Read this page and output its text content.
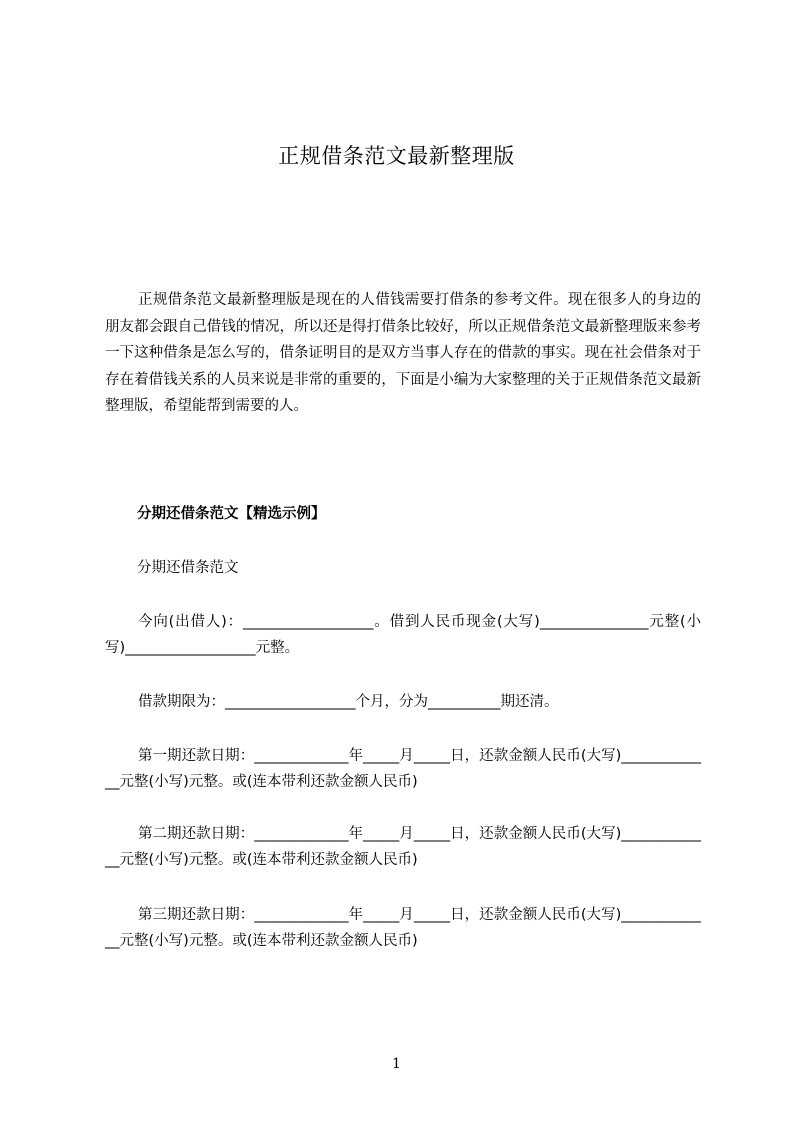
正规借条范文最新整理版

正规借条范文最新整理版是现在的人借钱需要打借条的参考文件。现在很多人的身边的朋友都会跟自己借钱的情况，所以还是得打借条比较好，所以正规借条范文最新整理版来参考一下这种借条是怎么写的，借条证明目的是双方当事人存在的借款的事实。现在社会借条对于存在着借钱关系的人员来说是非常的重要的，下面是小编为大家整理的关于正规借条范文最新整理版，希望能帮到需要的人。

分期还借条范文【精选示例】

分期还借条范文

今向(出借人)：__________________。借到人民币现金(大写)_______________元整(小写)__________________元整。

借款期限为：__________________个月，分为__________期还清。

第一期还款日期：_____________年_____月_____日，还款金额人民币(大写)_____________元整(小写)元整。或(连本带利还款金额人民币)

第二期还款日期：_____________年_____月_____日，还款金额人民币(大写)_____________元整(小写)元整。或(连本带利还款金额人民币)

第三期还款日期：_____________年_____月_____日，还款金额人民币(大写)_____________元整(小写)元整。或(连本带利还款金额人民币)

1
